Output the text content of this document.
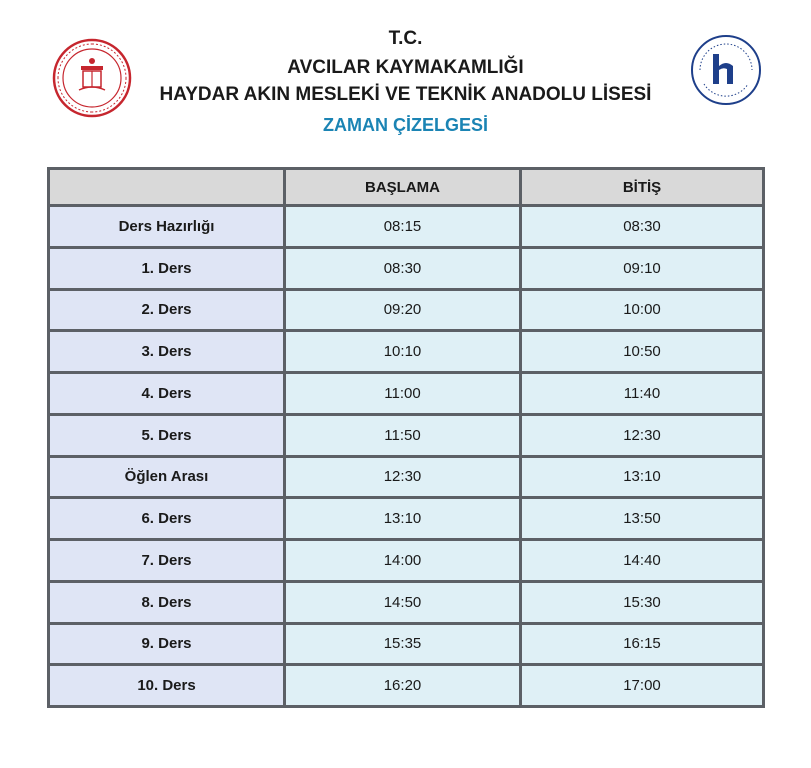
T.C.
AVCILAR KAYMAKAMLIĞI
HAYDAR AKIN MESLEKİ VE TEKNİK ANADOLU LİSESİ
ZAMAN ÇİZELGESİ
	BAŞLAMA	BİTİŞ
Ders Hazırlığı	08:15	08:30
1. Ders	08:30	09:10
2. Ders	09:20	10:00
3. Ders	10:10	10:50
4. Ders	11:00	11:40
5. Ders	11:50	12:30
Öğlen Arası	12:30	13:10
6. Ders	13:10	13:50
7. Ders	14:00	14:40
8. Ders	14:50	15:30
9. Ders	15:35	16:15
10. Ders	16:20	17:00
